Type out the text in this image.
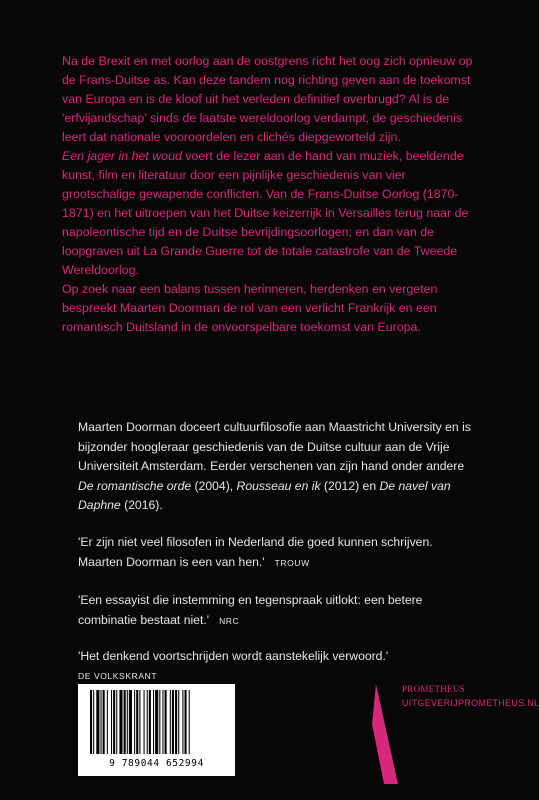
Na de Brexit en met oorlog aan de oostgrens richt het oog zich opnieuw op de Frans-Duitse as. Kan deze tandem nog richting geven aan de toekomst van Europa en is de kloof uit het verleden definitief overbrugd? Al is de 'erfvijandschap' sinds de laatste wereldoorlog verdampt, de geschiedenis leert dat nationale vooroordelen en clichés diepgeworteld zijn.

Een jager in het woud voert de lezer aan de hand van muziek, beeldende kunst, film en literatuur door een pijnlijke geschiedenis van vier grootschalige gewapende conflicten. Van de Frans-Duitse Oorlog (1870-1871) en het uitroepen van het Duitse keizerrijk in Versailles terug naar de napoleontische tijd en de Duitse bevrijdingsoorlogen; en dan van de loopgraven uit La Grande Guerre tot de totale catastrofe van de Tweede Wereldoorlog.

Op zoek naar een balans tussen herinneren, herdenken en vergeten bespreekt Maarten Doorman de rol van een verlicht Frankrijk en een romantisch Duitsland in de onvoorspelbare toekomst van Europa.

Maarten Doorman doceert cultuurfilosofie aan Maastricht University en is bijzonder hoogleraar geschiedenis van de Duitse cultuur aan de Vrije Universiteit Amsterdam. Eerder verschenen van zijn hand onder andere De romantische orde (2004), Rousseau en ik (2012) en De navel van Daphne (2016).

'Er zijn niet veel filosofen in Nederland die goed kunnen schrijven. Maarten Doorman is een van hen.' TROUW

'Een essayist die instemming en tegenspraak uitlokt: een betere combinatie bestaat niet.' NRC

'Het denkend voortschrijden wordt aanstekelijk verwoord.'

DE VOLKSKRANT
9 789044 652994
PROMETHEUS
UITGEVERIJPROMETHEUS.NL
